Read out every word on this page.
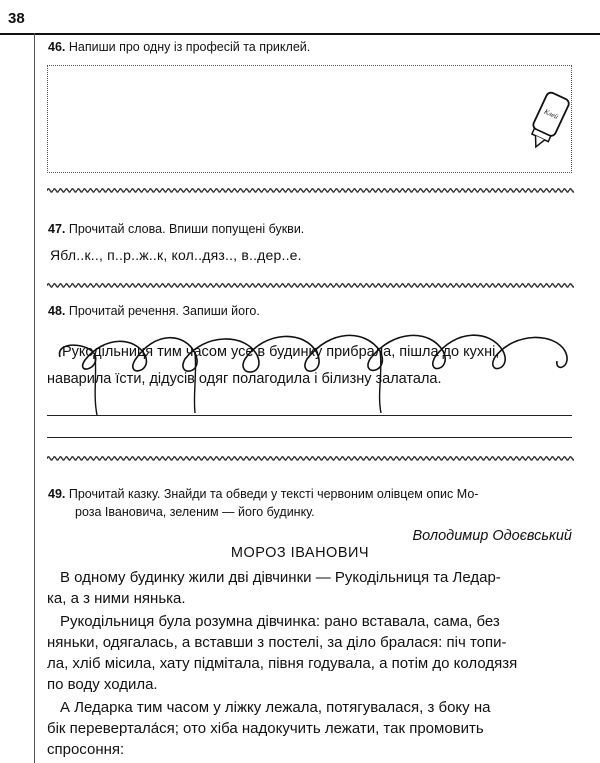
38
46. Напиши про одну із професій та приклей.
Клей
47. Прочитай слова. Впиши попущені букви.
Ябл..к.., п..р..ж..к, кол..дяз.., в..дер..е.
48. Прочитай речення. Запиши його.
Рукодільниця тим часом усе в будинку прибрала, пішла до кухні,
наварила їсти, дідусів одяг полагодила і білизну залатала.
49. Прочитай казку. Знайди та обведи у тексті червоним олівцем опис Мо-
роза Івановича, зеленим — його будинку.
Володимир Одоєвський
МОРОЗ ІВАНОВИЧ
В одному будинку жили дві дівчинки — Рукодільниця та Ледар-
ка, а з ними нянька.
Рукодільниця була розумна дівчинка: рано вставала, сама, без
няньки, одягалась, а вставши з постелі, за діло бралася: піч топи-
ла, хліб місила, хату підмітала, півня годувала, а потім до колодязя
по воду ходила.
А Ледарка тим часом у ліжку лежала, потягувалася, з боку на
бік перевертала́ся; ото хіба надокучить лежати, так промовить
спросоння:
